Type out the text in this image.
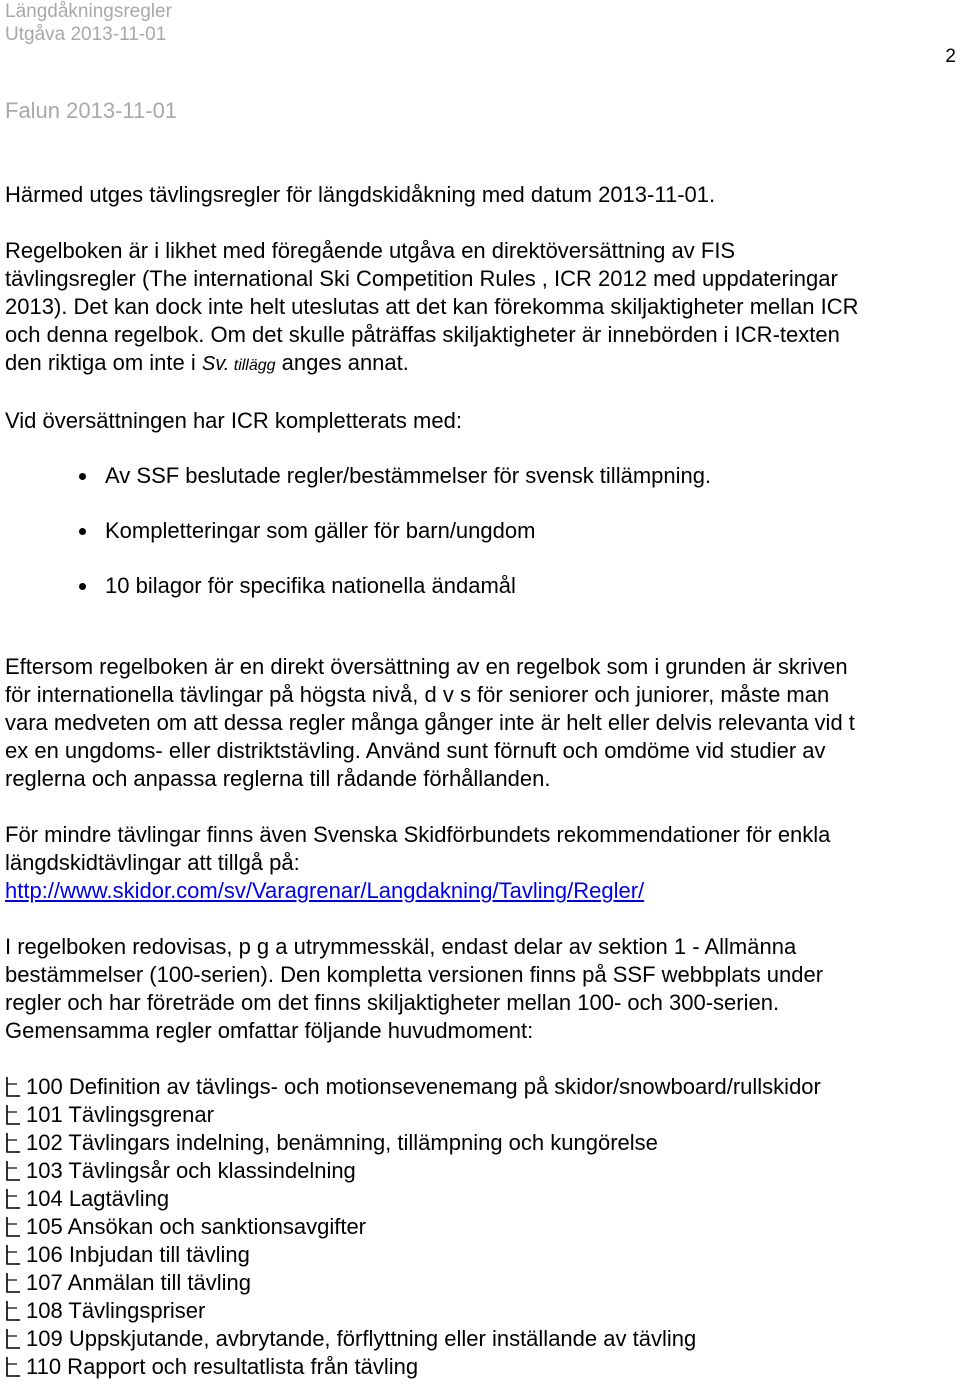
Längdåkningsregler
Utgåva 2013-11-01
2
Falun 2013-11-01

Härmed utges tävlingsregler för längdskidåkning med datum 2013-11-01.

Regelboken är i likhet med föregående utgåva en direktöversättning av FIS
tävlingsregler (The international Ski Competition Rules , ICR 2012 med uppdateringar
2013). Det kan dock inte helt uteslutas att det kan förekomma skiljaktigheter mellan ICR
och denna regelbok. Om det skulle påträffas skiljaktigheter är innebörden i ICR-texten
den riktiga om inte i Sv. tillägg anges annat.

Vid översättningen har ICR kompletterats med:

Av SSF beslutade regler/bestämmelser för svensk tillämpning.
Kompletteringar som gäller för barn/ungdom
10 bilagor för specifika nationella ändamål

Eftersom regelboken är en direkt översättning av en regelbok som i grunden är skriven
för internationella tävlingar på högsta nivå, d v s för seniorer och juniorer, måste man
vara medveten om att dessa regler många gånger inte är helt eller delvis relevanta vid t
ex en ungdoms- eller distriktstävling. Använd sunt förnuft och omdöme vid studier av
reglerna och anpassa reglerna till rådande förhållanden.

För mindre tävlingar finns även Svenska Skidförbundets rekommendationer för enkla
längdskidtävlingar att tillgå på:
http://www.skidor.com/sv/Varagrenar/Langdakning/Tavling/Regler/

I regelboken redovisas, p g a utrymmesskäl, endast delar av sektion 1 - Allmänna
bestämmelser (100-serien). Den kompletta versionen finns på SSF webbplats under
regler och har företräde om det finns skiljaktigheter mellan 100- och 300-serien.
Gemensamma regler omfattar följande huvudmoment:

100 Definition av tävlings- och motionsevenemang på skidor/snowboard/rullskidor
101 Tävlingsgrenar
102 Tävlingars indelning, benämning, tillämpning och kungörelse
103 Tävlingsår och klassindelning
104 Lagtävling
105 Ansökan och sanktionsavgifter
106 Inbjudan till tävling
107 Anmälan till tävling
108 Tävlingspriser
109 Uppskjutande, avbrytande, förflyttning eller inställande av tävling
110 Rapport och resultatlista från tävling
